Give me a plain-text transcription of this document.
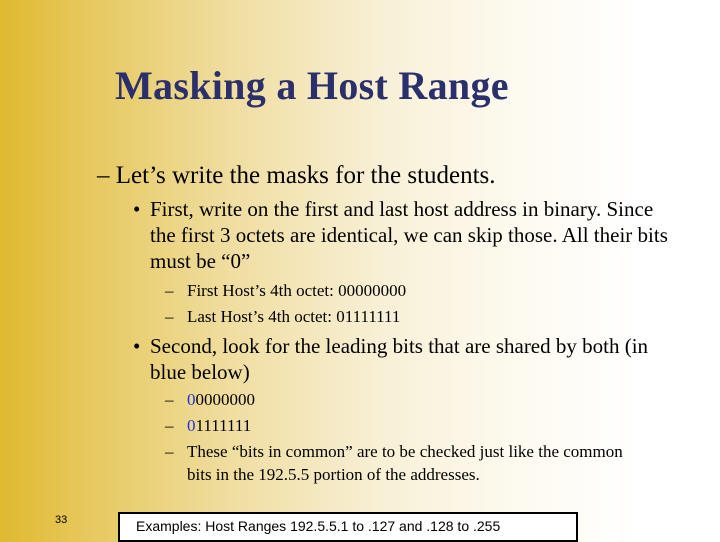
Masking a Host Range
– Let’s write the masks for the students.
• First, write on the first and last host address in binary. Since the first 3 octets are identical, we can skip those. All their bits must be “0”
– First Host’s 4th octet: 00000000
– Last Host’s 4th octet: 01111111
• Second, look for the leading bits that are shared by both (in blue below)
– 00000000
– 01111111
– These “bits in common” are to be checked just like the common bits in the 192.5.5 portion of the addresses.
33	Examples: Host Ranges 192.5.5.1 to .127 and .128 to .255
